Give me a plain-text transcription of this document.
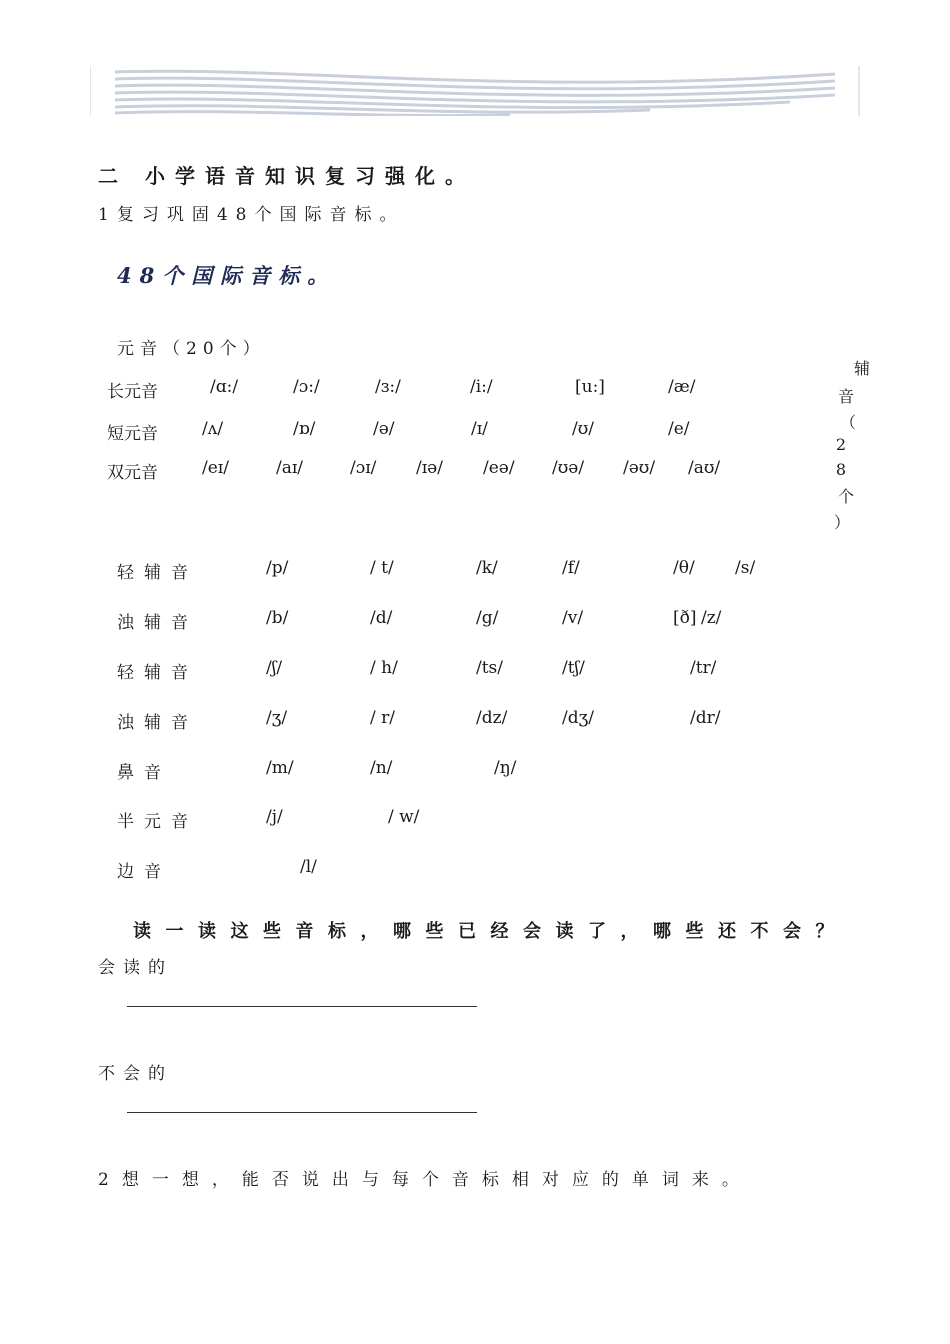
二 小学语音知识复习强化。
1复习巩固48个国际音标。
48个国际音标。
元音（20个）
长元音	/ɑ:/	/ɔ:/	/ɜ:/	/i:/	[u:]	/æ/
短元音	/ʌ/	/ɒ/	/ə/	/ɪ/	/ʊ/	/e/
双元音	/eɪ/	/aɪ/	/ɔɪ/ /ɪə/ /eə/ /ʊə/ /əʊ/ /aʊ/
辅
音
（
2
8
个
）
轻辅音	/p/	/ t/	/k/	/f/	/θ/ /s/
浊辅音	/b/	/d/	/g/	/v/	[ð] /z/
轻辅音	/ʃ/	/ h/	/ts/	/tʃ/	/tr/
浊辅音	/ʒ/	/ r/	/dz/	/dʒ/	/dr/
鼻音	/m/	/n/	/ŋ/
半元音	/j/	/ w/
边音	/l/
读一读这些音标，哪些已经会读了，哪些还不会？
会读的
不会的
2想一想，能否说出与每个音标相对应的单词来。
